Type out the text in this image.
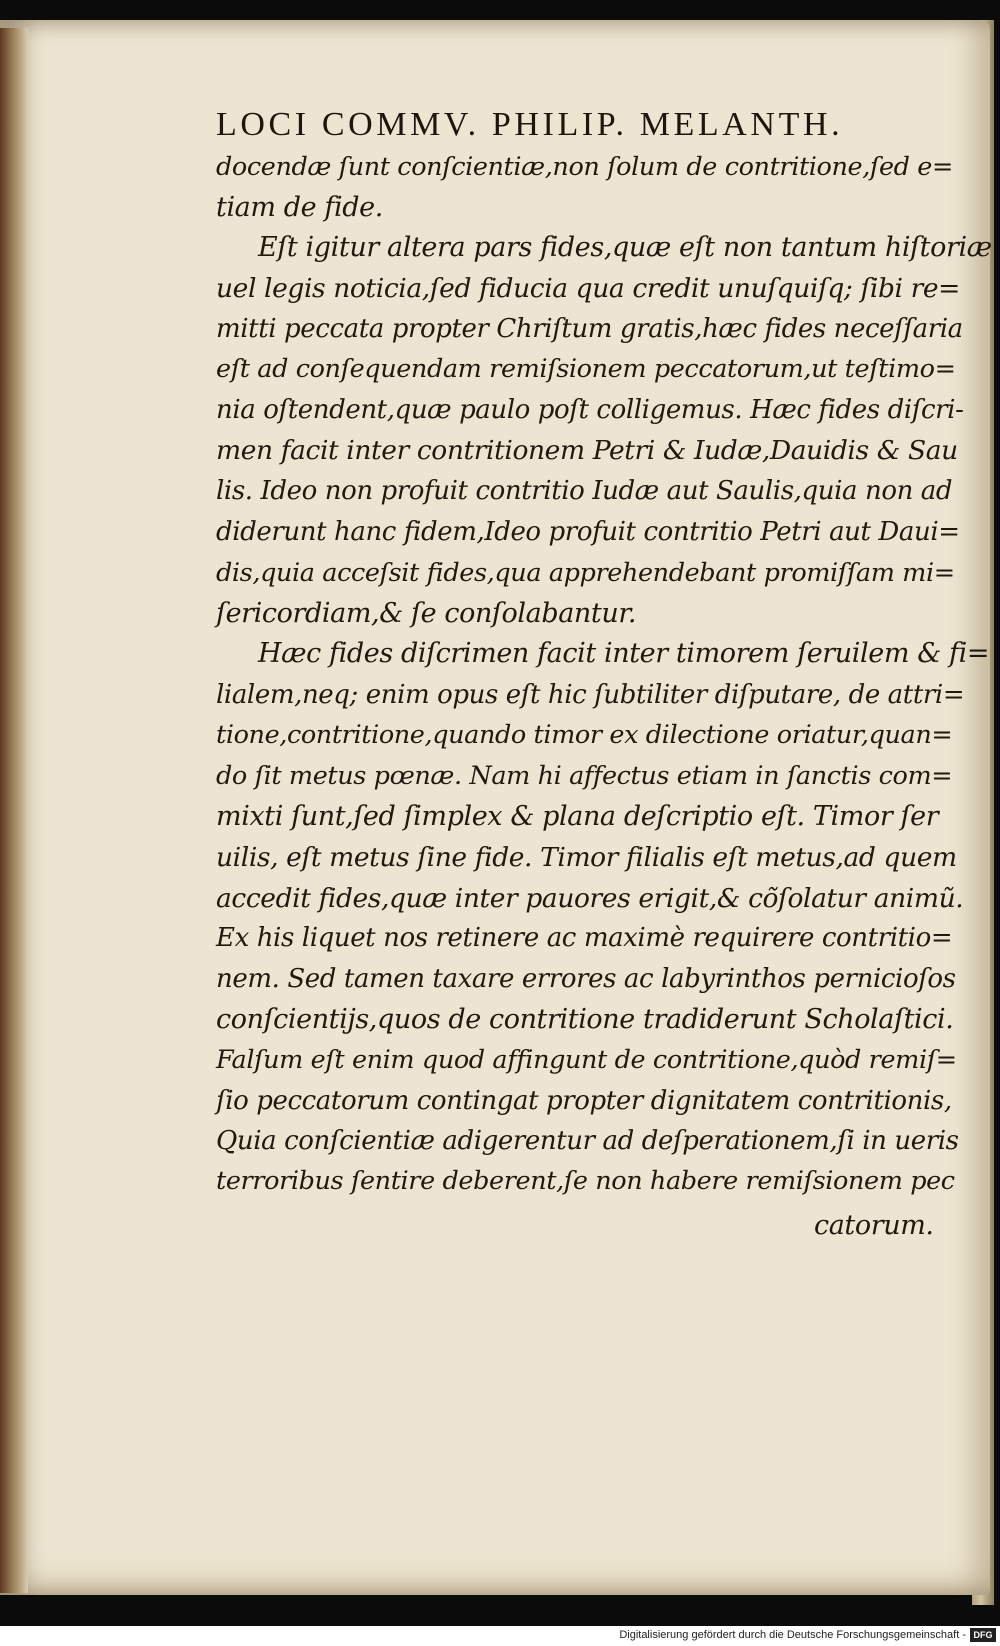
LOCI COMMV. PHILIP. MELANTH.
docendæ ſunt conſcientiæ,non ſolum de contritione,ſed e=
tiam de fide.
Eſt igitur altera pars fides,quæ eſt non tantum hiſtoriæ
uel legis noticia,ſed fiducia qua credit unuſquiſq; ſibi re=
mitti peccata propter Chriſtum gratis,hæc fides neceſſaria
eſt ad conſequendam remiſsionem peccatorum,ut teſtimo=
nia oſtendent,quæ paulo poſt colligemus. Hæc fides diſcri-
men facit inter contritionem Petri & Iudæ,Dauidis & Sau
lis. Ideo non profuit contritio Iudæ aut Saulis,quia non ad
diderunt hanc fidem,Ideo profuit contritio Petri aut Daui=
dis,quia acceſsit fides,qua apprehendebant promiſſam mi=
ſericordiam,& ſe conſolabantur.
Hæc fides diſcrimen facit inter timorem ſeruilem & fi=
lialem,neq; enim opus eſt hic ſubtiliter diſputare, de attri=
tione,contritione,quando timor ex dilectione oriatur,quan=
do ſit metus pœnæ. Nam hi affectus etiam in ſanctis com=
mixti ſunt,ſed ſimplex & plana deſcriptio eſt. Timor ſer
uilis, eſt metus ſine fide. Timor filialis eſt metus,ad quem
accedit fides,quæ inter pauores erigit,& cõſolatur animũ.
Ex his liquet nos retinere ac maximè requirere contritio=
nem. Sed tamen taxare errores ac labyrinthos pernicioſos
conſcientijs,quos de contritione tradiderunt Scholaſtici.
Falſum eſt enim quod affingunt de contritione,quòd remiſ=
ſio peccatorum contingat propter dignitatem contritionis,
Quia conſcientiæ adigerentur ad deſperationem,ſi in ueris
terroribus ſentire deberent,ſe non habere remiſsionem pec
catorum.
Digitalisierung gefördert durch die Deutsche Forschungsgemeinschaft - DFG
